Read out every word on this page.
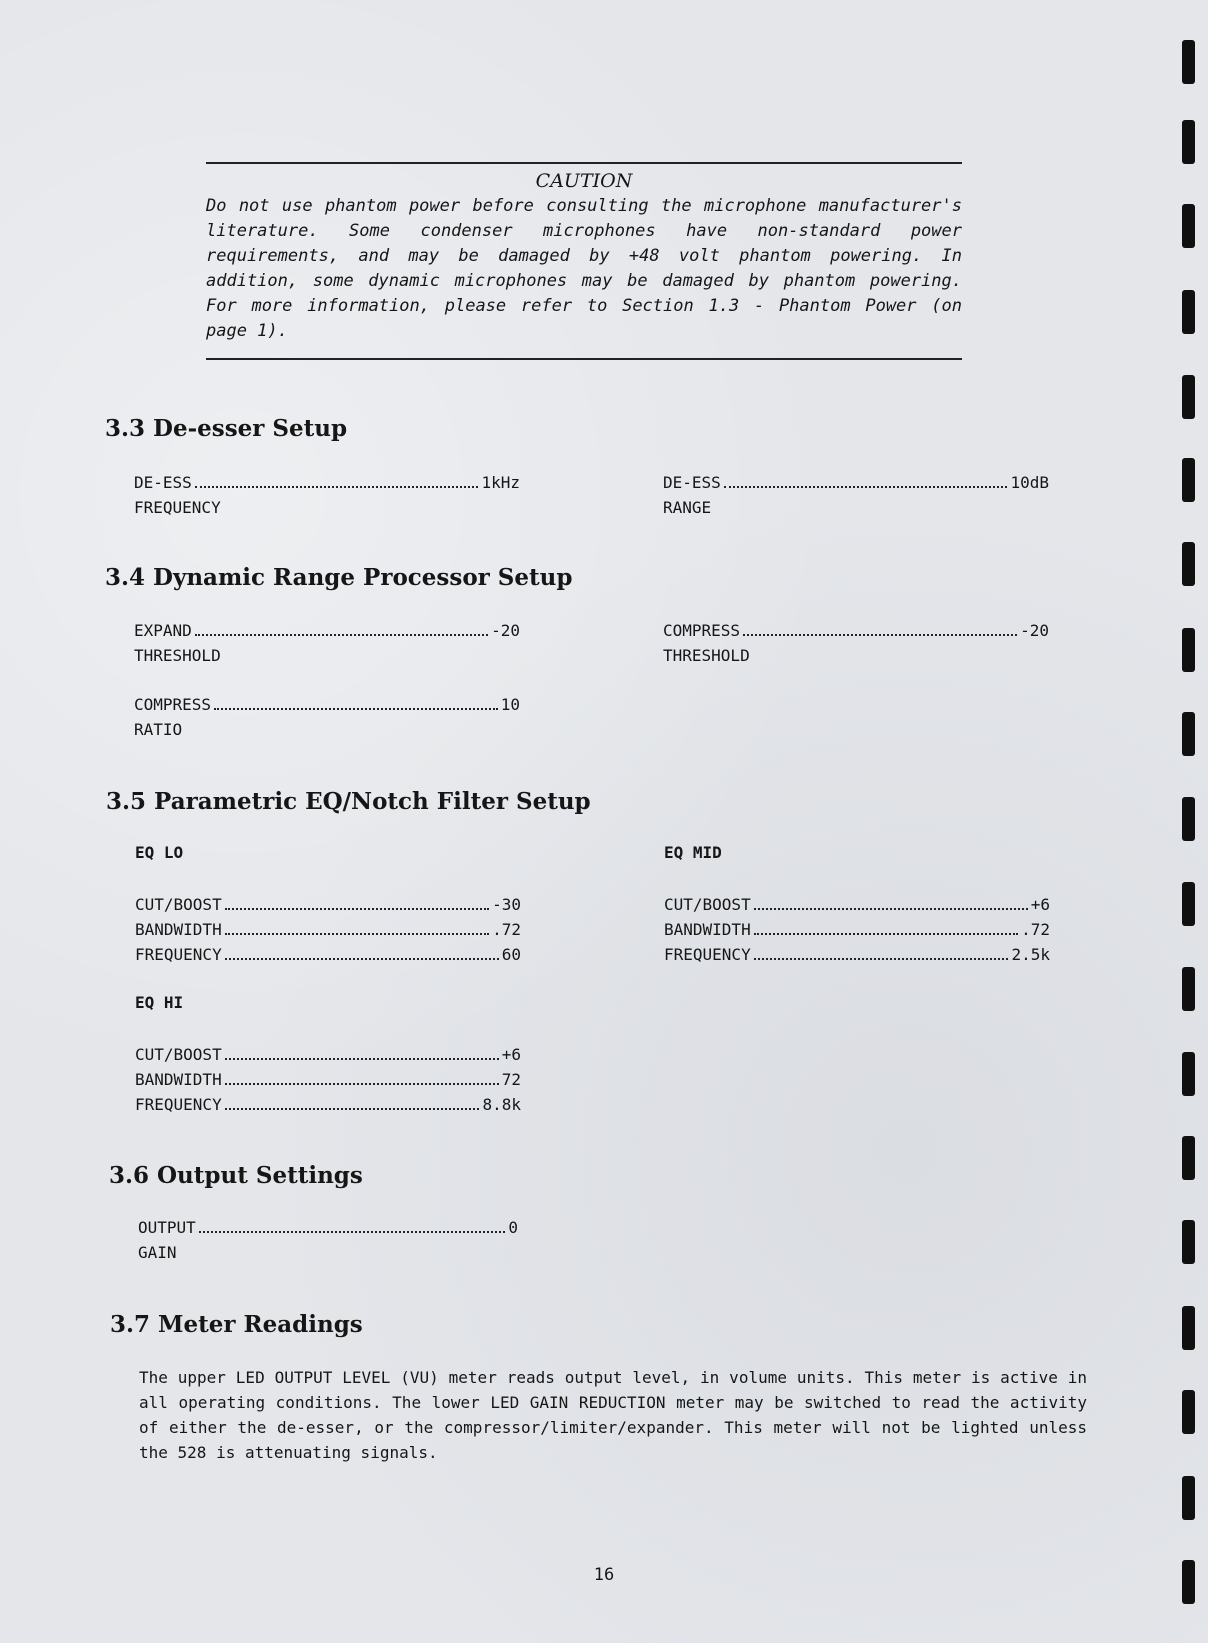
CAUTION

Do not use phantom power before consulting the microphone manufacturer's literature. Some condenser microphones have non-standard power requirements, and may be damaged by +48 volt phantom powering. In addition, some dynamic microphones may be damaged by phantom powering. For more information, please refer to Section 1.3 - Phantom Power (on page 1).

3.3 De-esser Setup
DE-ESS	1kHz
FREQUENCY
DE-ESS	10dB
RANGE
3.4 Dynamic Range Processor Setup
EXPAND	-20
THRESHOLD
COMPRESS	-20
THRESHOLD
COMPRESS	10
RATIO
3.5 Parametric EQ/Notch Filter Setup
EQ LO	EQ MID
CUT/BOOST	-30
BANDWIDTH	.72
FREQUENCY	60
CUT/BOOST	+6
BANDWIDTH	.72
FREQUENCY	2.5k
EQ HI
CUT/BOOST	+6
BANDWIDTH	72
FREQUENCY	8.8k
3.6 Output Settings
OUTPUT	0
GAIN
3.7 Meter Readings

The upper LED OUTPUT LEVEL (VU) meter reads output level, in volume units. This meter is active in all operating conditions. The lower LED GAIN REDUCTION meter may be switched to read the activity of either the de-esser, or the compressor/limiter/expander. This meter will not be lighted unless the 528 is attenuating signals.

16
